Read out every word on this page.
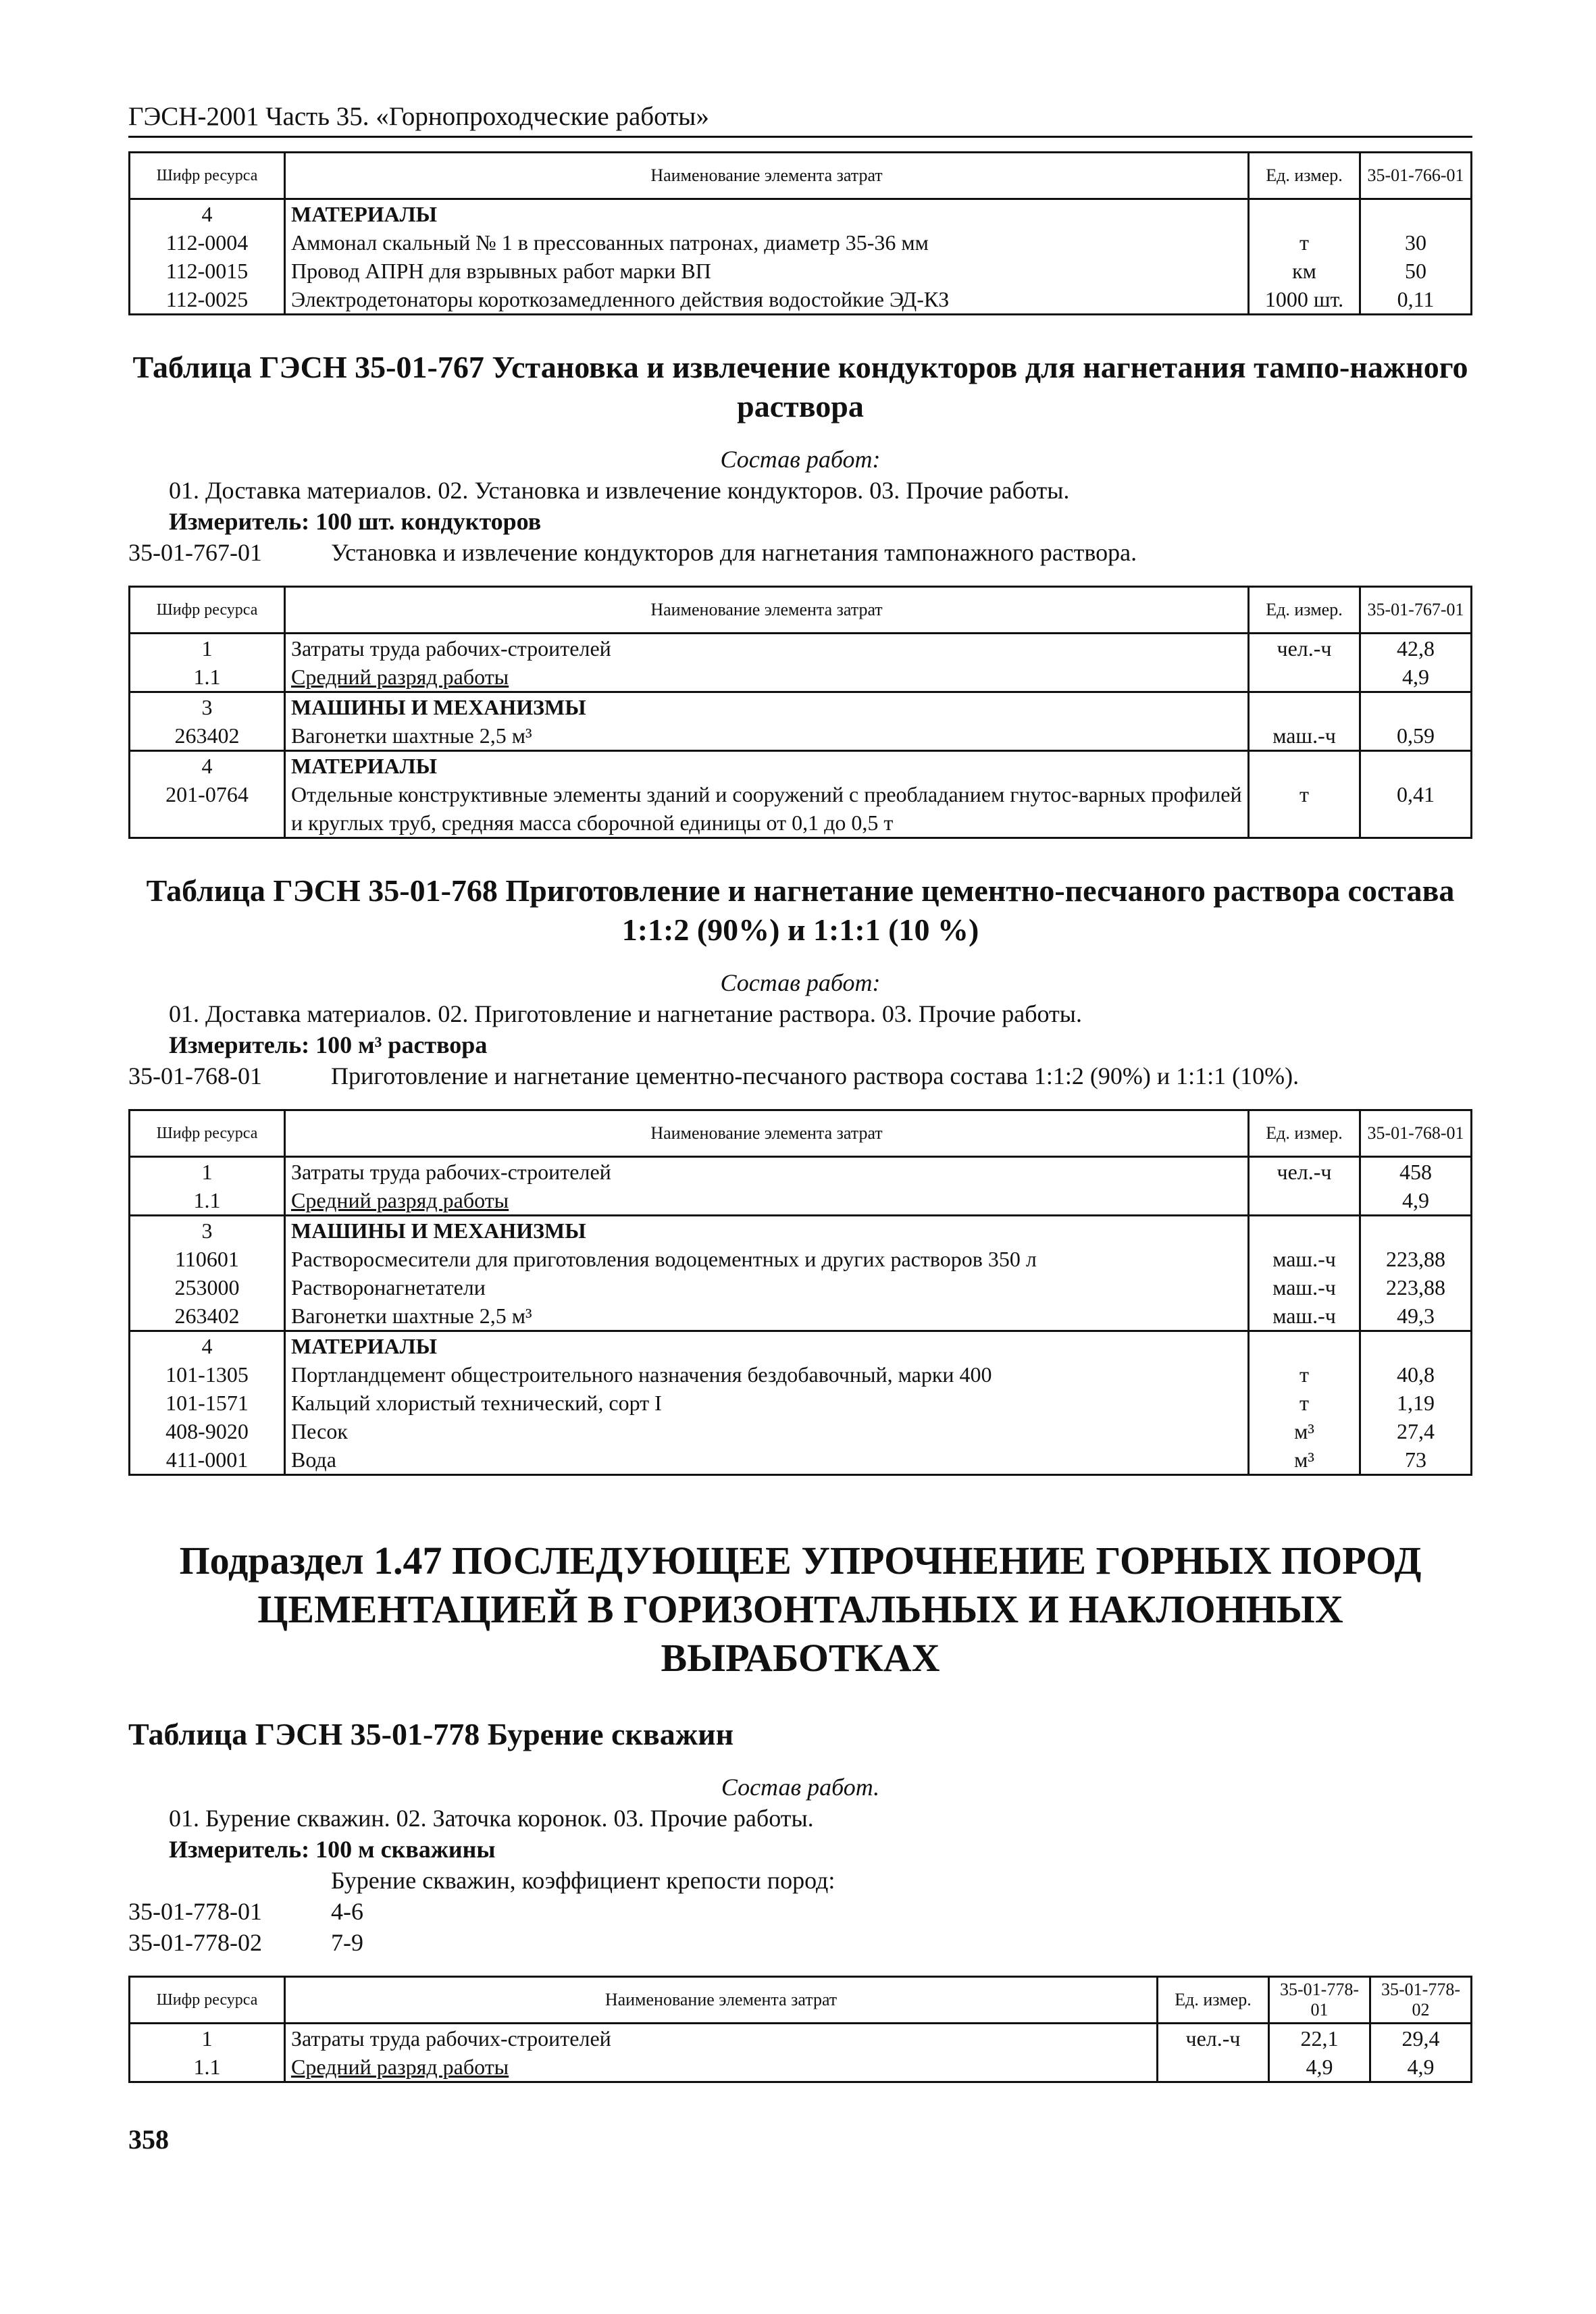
ГЭСН-2001 Часть 35. «Горнопроходческие работы»
Шифр ресурса	Наименование элемента затрат	Ед. измер.	35-01-766-01
4	МАТЕРИАЛЫ		
112-0004	Аммонал скальный № 1 в прессованных патронах, диаметр 35-36 мм	т	30
112-0015	Провод АПРН для взрывных работ марки ВП	км	50
112-0025	Электродетонаторы короткозамедленного действия водостойкие ЭД-КЗ	1000 шт.	0,11
Таблица ГЭСН 35-01-767 Установка и извлечение кондукторов для нагнетания тампо-нажного раствора
Состав работ:
01. Доставка материалов. 02. Установка и извлечение кондукторов. 03. Прочие работы.
Измеритель: 100 шт. кондукторов
35-01-767-01	Установка и извлечение кондукторов для нагнетания тампонажного раствора.
Шифр ресурса	Наименование элемента затрат	Ед. измер.	35-01-767-01
1	Затраты труда рабочих-строителей	чел.-ч	42,8
1.1	Средний разряд работы		4,9
3	МАШИНЫ И МЕХАНИЗМЫ		
263402	Вагонетки шахтные 2,5 м³	маш.-ч	0,59
4	МАТЕРИАЛЫ		
201-0764	Отдельные конструктивные элементы зданий и сооружений с преобладанием гнутос-варных профилей и круглых труб, средняя масса сборочной единицы от 0,1 до 0,5 т	т	0,41
Таблица ГЭСН 35-01-768 Приготовление и нагнетание цементно-песчаного раствора состава 1:1:2 (90%) и 1:1:1 (10 %)
Состав работ:
01. Доставка материалов. 02. Приготовление и нагнетание раствора. 03. Прочие работы.
Измеритель: 100 м³ раствора
35-01-768-01	Приготовление и нагнетание цементно-песчаного раствора состава 1:1:2 (90%) и 1:1:1 (10%).
Шифр ресурса	Наименование элемента затрат	Ед. измер.	35-01-768-01
1	Затраты труда рабочих-строителей	чел.-ч	458
1.1	Средний разряд работы		4,9
3	МАШИНЫ И МЕХАНИЗМЫ		
110601	Растворосмесители для приготовления водоцементных и других растворов 350 л	маш.-ч	223,88
253000	Растворонагнетатели	маш.-ч	223,88
263402	Вагонетки шахтные 2,5 м³	маш.-ч	49,3
4	МАТЕРИАЛЫ		
101-1305	Портландцемент общестроительного назначения бездобавочный, марки 400	т	40,8
101-1571	Кальций хлористый технический, сорт I	т	1,19
408-9020	Песок	м³	27,4
411-0001	Вода	м³	73
Подраздел 1.47 ПОСЛЕДУЮЩЕЕ УПРОЧНЕНИЕ ГОРНЫХ ПОРОД ЦЕМЕНТАЦИЕЙ В ГОРИЗОНТАЛЬНЫХ И НАКЛОННЫХ ВЫРАБОТКАХ
Таблица ГЭСН 35-01-778 Бурение скважин
Состав работ.
01. Бурение скважин. 02. Заточка коронок. 03. Прочие работы.
Измеритель: 100 м скважины
Бурение скважин, коэффициент крепости пород:
35-01-778-01	4-6
35-01-778-02	7-9
Шифр ресурса	Наименование элемента затрат	Ед. измер.	35-01-778-01	35-01-778-02
1	Затраты труда рабочих-строителей	чел.-ч	22,1	29,4
1.1	Средний разряд работы		4,9	4,9
358
